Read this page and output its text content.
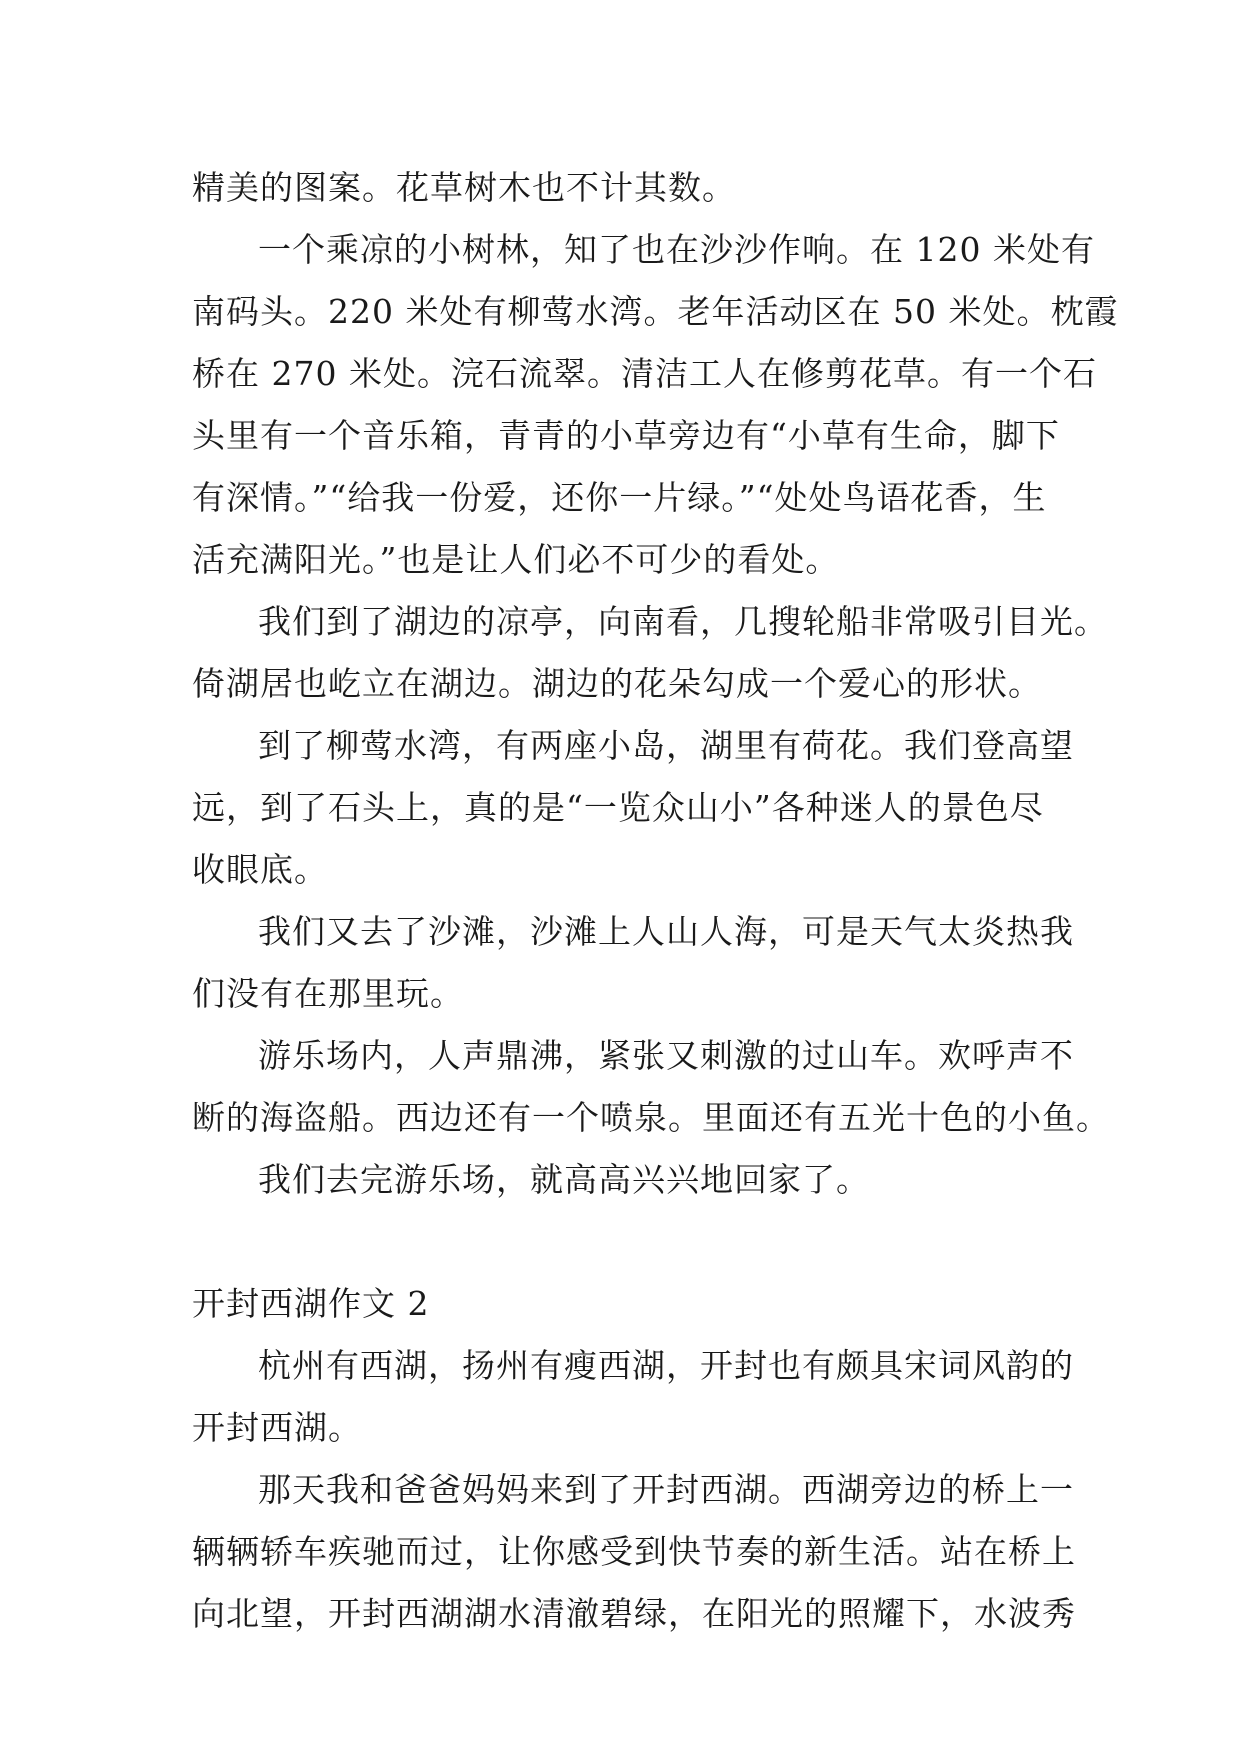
精美的图案。花草树木也不计其数。

一个乘凉的小树林，知了也在沙沙作响。在 120 米处有

南码头。220 米处有柳莺水湾。老年活动区在 50 米处。枕霞

桥在 270 米处。浣石流翠。清洁工人在修剪花草。有一个石

头里有一个音乐箱，青青的小草旁边有“小草有生命，脚下

有深情。”“给我一份爱，还你一片绿。”“处处鸟语花香，生

活充满阳光。”也是让人们必不可少的看处。

我们到了湖边的凉亭，向南看，几搜轮船非常吸引目光。

倚湖居也屹立在湖边。湖边的花朵勾成一个爱心的形状。

到了柳莺水湾，有两座小岛，湖里有荷花。我们登高望

远，到了石头上，真的是“一览众山小”各种迷人的景色尽

收眼底。

我们又去了沙滩，沙滩上人山人海，可是天气太炎热我

们没有在那里玩。

游乐场内，人声鼎沸，紧张又刺激的过山车。欢呼声不

断的海盗船。西边还有一个喷泉。里面还有五光十色的小鱼。

我们去完游乐场，就高高兴兴地回家了。

开封西湖作文 2

杭州有西湖，扬州有瘦西湖，开封也有颇具宋词风韵的

开封西湖。

那天我和爸爸妈妈来到了开封西湖。西湖旁边的桥上一

辆辆轿车疾驰而过，让你感受到快节奏的新生活。站在桥上

向北望，开封西湖湖水清澈碧绿，在阳光的照耀下，水波秀
